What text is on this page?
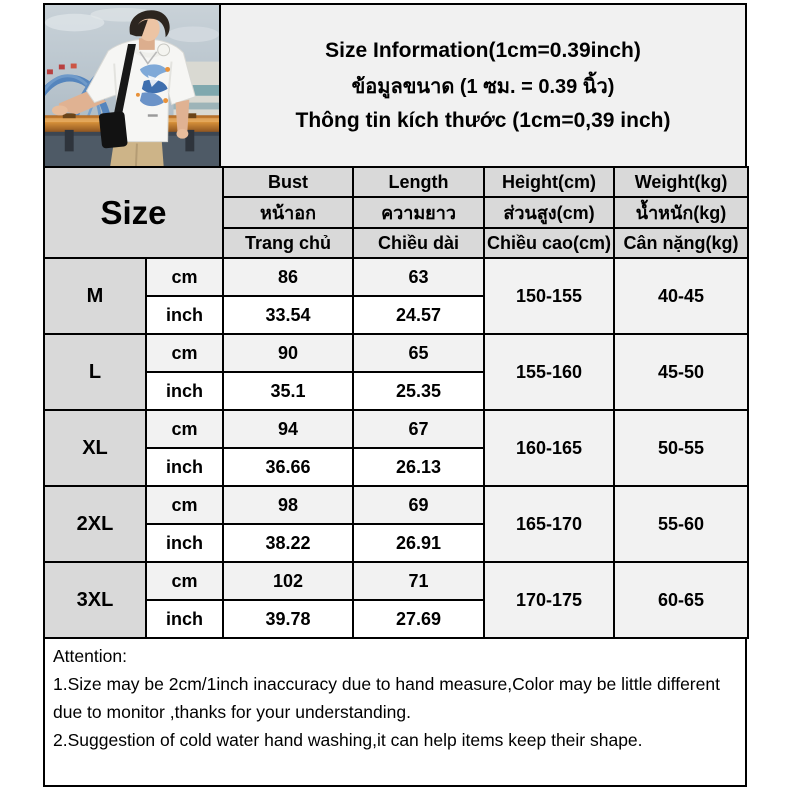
Size Information(1cm=0.39inch)
ข้อมูลขนาด (1 ซม. = 0.39 นิ้ว)
Thông tin kích thước (1cm=0,39 inch)
Size		Bust	Length	Height(cm)	Weight(kg)
		หน้าอก	ความยาว	ส่วนสูง(cm)	น้ำหนัก(kg)
		Trang chủ	Chiều dài	Chiều cao(cm)	Cân nặng(kg)
M	cm	86	63	150-155	40-45
	inch	33.54	24.57		
L	cm	90	65	155-160	45-50
	inch	35.1	25.35		
XL	cm	94	67	160-165	50-55
	inch	36.66	26.13		
2XL	cm	98	69	165-170	55-60
	inch	38.22	26.91		
3XL	cm	102	71	170-175	60-65
	inch	39.78	27.69		
Attention:
1.Size may be 2cm/1inch inaccuracy due to hand measure,Color may be little different due to monitor ,thanks for your understanding.
2.Suggestion of cold water hand washing,it can help items keep their shape.
